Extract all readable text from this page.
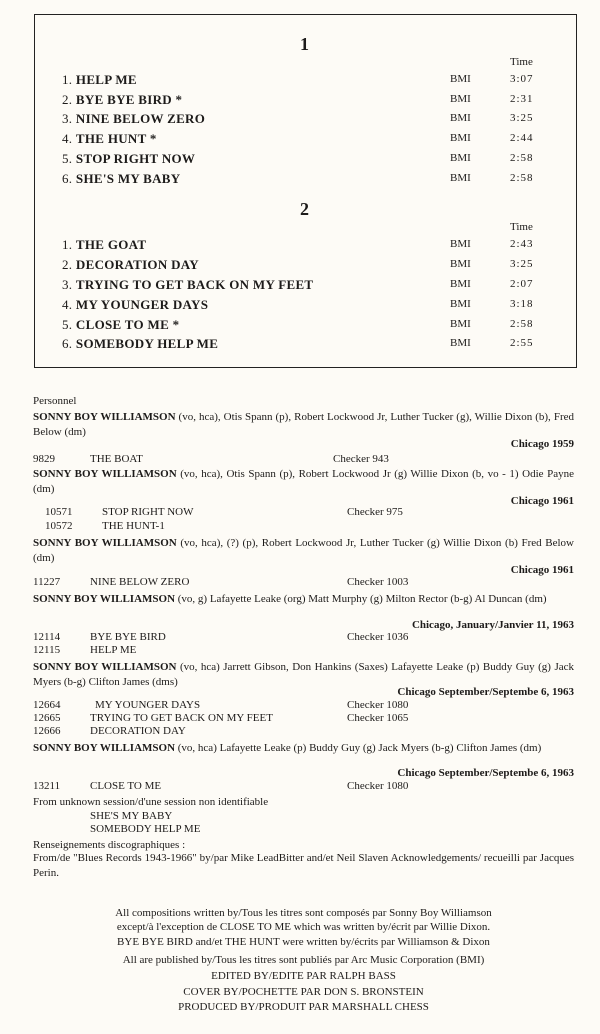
1
Time
1. HELP ME	BMI	3:07
2. BYE BYE BIRD *	BMI	2:31
3. NINE BELOW ZERO	BMI	3:25
4. THE HUNT *	BMI	2:44
5. STOP RIGHT NOW	BMI	2:58
6. SHE'S MY BABY	BMI	2:58
2
Time
1. THE GOAT	BMI	2:43
2. DECORATION DAY	BMI	3:25
3. TRYING TO GET BACK ON MY FEET	BMI	2:07
4. MY YOUNGER DAYS	BMI	3:18
5. CLOSE TO ME *	BMI	2:58
6. SOMEBODY HELP ME	BMI	2:55
Personnel
SONNY BOY WILLIAMSON (vo, hca), Otis Spann (p), Robert Lockwood Jr, Luther Tucker (g), Willie Dixon (b), Fred Below (dm)
Chicago 1959
9829	THE BOAT	Checker 943
SONNY BOY WILLIAMSON (vo, hca), Otis Spann (p), Robert Lockwood Jr (g) Willie Dixon (b, vo - 1) Odie Payne (dm)
Chicago 1961
10571	STOP RIGHT NOW	Checker 975
10572	THE HUNT-1
SONNY BOY WILLIAMSON (vo, hca), (?) (p), Robert Lockwood Jr, Luther Tucker (g) Willie Dixon (b) Fred Below (dm)
Chicago 1961
11227	NINE BELOW ZERO	Checker 1003
SONNY BOY WILLIAMSON (vo, g) Lafayette Leake (org) Matt Murphy (g) Milton Rector (b-g) Al Duncan (dm)
Chicago, January/Janvier 11, 1963
12114	BYE BYE BIRD	Checker 1036
12115	HELP ME
SONNY BOY WILLIAMSON (vo, hca) Jarrett Gibson, Don Hankins (Saxes) Lafayette Leake (p) Buddy Guy (g) Jack Myers (b-g) Clifton James (dms)
Chicago September/Septembe 6, 1963
12664	MY YOUNGER DAYS	Checker 1080
12665	TRYING TO GET BACK ON MY FEET	Checker 1065
12666	DECORATION DAY
SONNY BOY WILLIAMSON (vo, hca) Lafayette Leake (p) Buddy Guy (g) Jack Myers (b-g) Clifton James (dm)
Chicago September/Septembe 6, 1963
13211	CLOSE TO ME	Checker 1080
From unknown session/d'une session non identifiable
SHE'S MY BABY
SOMEBODY HELP ME
Renseignements discographiques :
From/de "Blues Records 1943-1966" by/par Mike LeadBitter and/et Neil Slaven Acknowledgements/ recueilli par Jacques Perin.
All compositions written by/Tous les titres sont composés par Sonny Boy Williamson
except/à l'exception de CLOSE TO ME which was written by/écrit par Willie Dixon.
BYE BYE BIRD and/et THE HUNT were written by/écrits par Williamson & Dixon
All are published by/Tous les titres sont publiés par Arc Music Corporation (BMI)
EDITED BY/EDITE PAR RALPH BASS
COVER BY/POCHETTE PAR DON S. BRONSTEIN
PRODUCED BY/PRODUIT PAR MARSHALL CHESS
